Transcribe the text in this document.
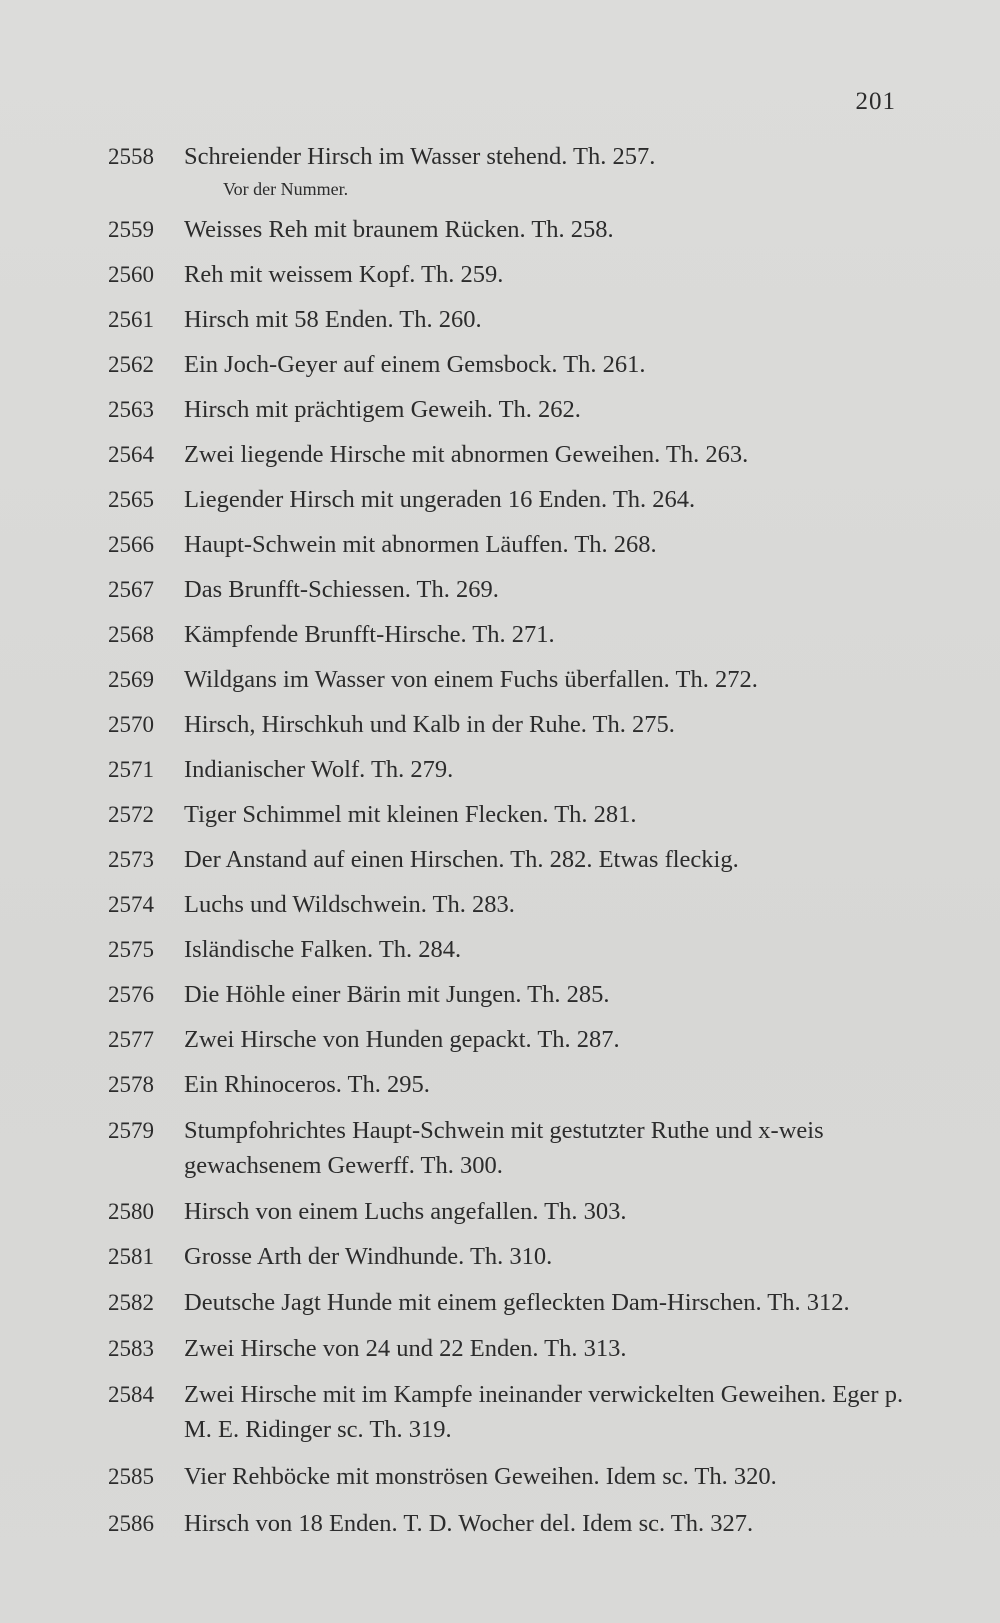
201
2558	Schreiender Hirsch im Wasser stehend. Th. 257.
Vor der Nummer.
2559	Weisses Reh mit braunem Rücken. Th. 258.
2560	Reh mit weissem Kopf. Th. 259.
2561	Hirsch mit 58 Enden. Th. 260.
2562	Ein Joch-Geyer auf einem Gemsbock. Th. 261.
2563	Hirsch mit prächtigem Geweih. Th. 262.
2564	Zwei liegende Hirsche mit abnormen Geweihen. Th. 263.
2565	Liegender Hirsch mit ungeraden 16 Enden. Th. 264.
2566	Haupt-Schwein mit abnormen Läuffen. Th. 268.
2567	Das Brunfft-Schiessen. Th. 269.
2568	Kämpfende Brunfft-Hirsche. Th. 271.
2569	Wildgans im Wasser von einem Fuchs überfallen. Th. 272.
2570	Hirsch, Hirschkuh und Kalb in der Ruhe. Th. 275.
2571	Indianischer Wolf. Th. 279.
2572	Tiger Schimmel mit kleinen Flecken. Th. 281.
2573	Der Anstand auf einen Hirschen. Th. 282. Etwas fleckig.
2574	Luchs und Wildschwein. Th. 283.
2575	Isländische Falken. Th. 284.
2576	Die Höhle einer Bärin mit Jungen. Th. 285.
2577	Zwei Hirsche von Hunden gepackt. Th. 287.
2578	Ein Rhinoceros. Th. 295.
2579	Stumpfohrichtes Haupt-Schwein mit gestutzter Ruthe und x-weis gewachsenem Gewerff. Th. 300.
2580	Hirsch von einem Luchs angefallen. Th. 303.
2581	Grosse Arth der Windhunde. Th. 310.
2582	Deutsche Jagt Hunde mit einem gefleckten Dam-Hirschen. Th. 312.
2583	Zwei Hirsche von 24 und 22 Enden. Th. 313.
2584	Zwei Hirsche mit im Kampfe ineinander verwickelten Geweihen. Eger p. M. E. Ridinger sc. Th. 319.
2585	Vier Rehböcke mit monströsen Geweihen. Idem sc. Th. 320.
2586	Hirsch von 18 Enden. T. D. Wocher del. Idem sc. Th. 327.
